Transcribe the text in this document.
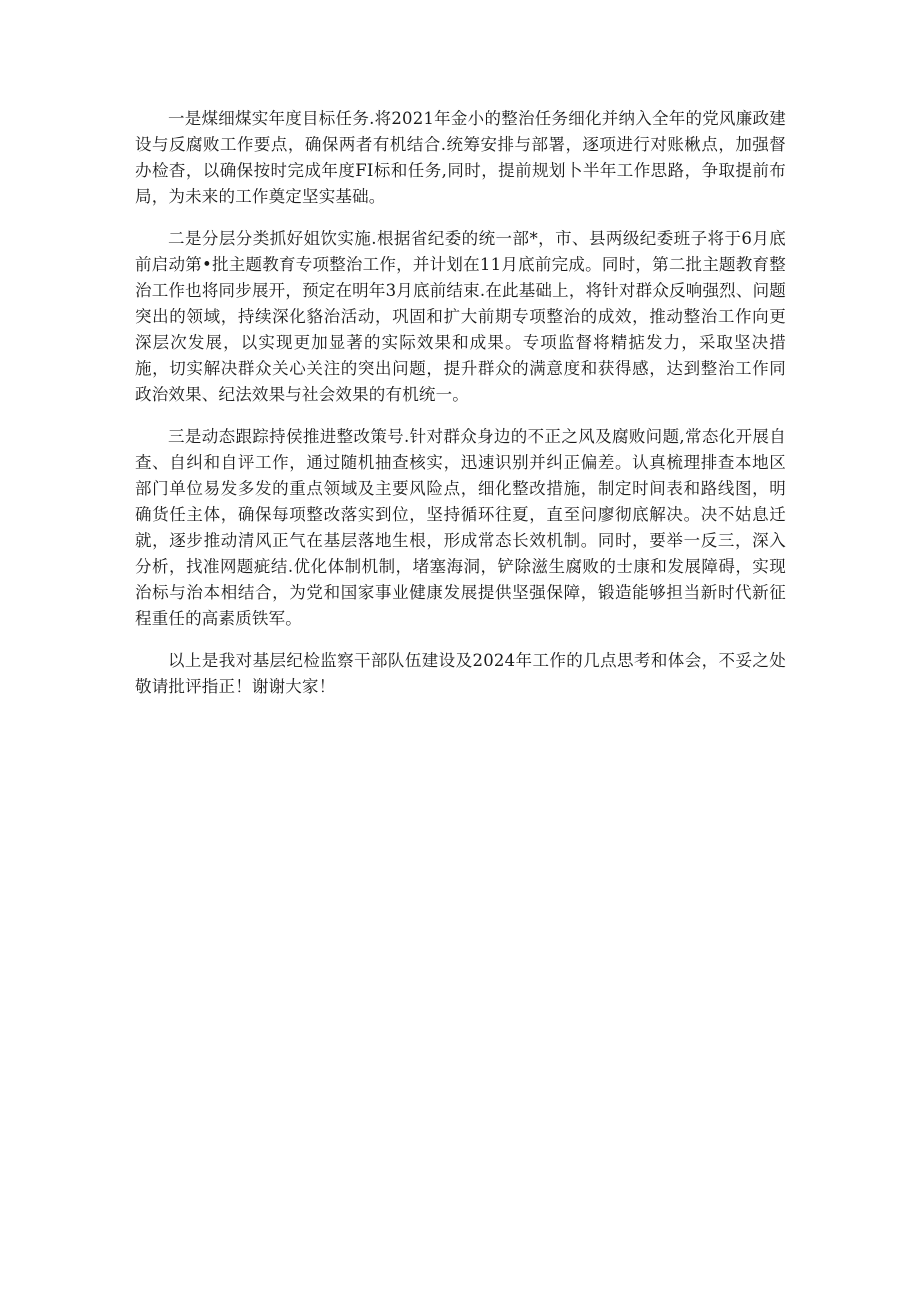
一是煤细煤实年度目标任务.将2021年金小的整治任务细化并纳入全年的党风廉政建设与反腐败工作要点，确保两者有机结合.统筹安排与部署，逐项进行对账楸点，加强督办检杳，以确保按时完成年度FI标和任务,同时，提前规划卜半年工作思路，争取提前布局，为未来的工作奠定坚实基础。

二是分层分类抓好姐饮实施.根据省纪委的统一部*，市、县两级纪委班子将于6月底前启动第•批主题教育专项整治工作，并计划在11月底前完成。同时，第二批主题教育整治工作也将同步展开，预定在明年3月底前结束.在此基础上，将针对群众反响强烈、问题突出的领域，持续深化貉治活动，巩固和扩大前期专项整治的成效，推动整治工作向更深层次发展，以实现更加显著的实际效果和成果。专项监督将精掂发力，采取坚决措施，切实解决群众关心关注的突出问题，提升群众的满意度和获得感，达到整治工作同政治效果、纪法效果与社会效果的有机统一。

三是动态跟踪持侯推进整改策号.针对群众身边的不正之风及腐败问题,常态化开展自查、自纠和自评工作，通过随机抽查核实，迅速识别并纠正偏差。认真梳理排查本地区部门单位易发多发的重点领域及主要风险点，细化整改措施，制定时间表和路线图，明确货任主体，确保每项整改落实到位，坚持循环往夏，直至问廖彻底解决。决不姑息迁就，逐步推动清风正气在基层落地生根，形成常态长效机制。同时，要举一反三，深入分析，找准网题疵结.优化体制机制，堵塞海洞，铲除滋生腐败的士康和发展障碍，实现治标与治本相结合，为党和国家事业健康发展提供坚强保障，锻造能够担当新时代新征程重任的高素质铁军。

以上是我对基层纪检监察干部队伍建设及2024年工作的几点思考和体会，不妥之处敬请批评指正！谢谢大家！
